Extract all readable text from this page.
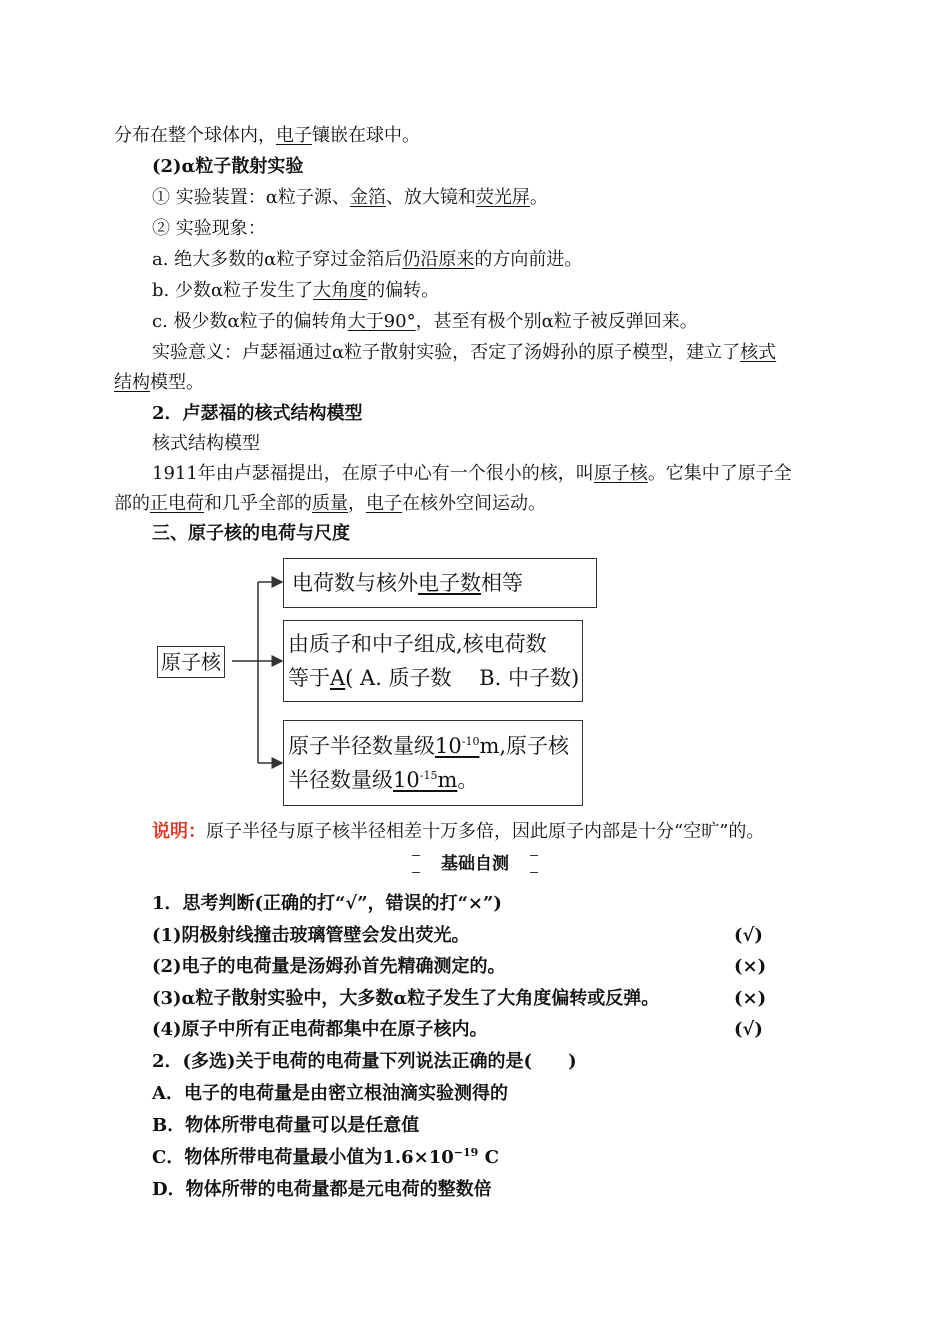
分布在整个球体内，电子镶嵌在球中。
(2)α粒子散射实验
① 实验装置：α粒子源、金箔、放大镜和荧光屏。
② 实验现象：
a. 绝大多数的α粒子穿过金箔后仍沿原来的方向前进。
b. 少数α粒子发生了大角度的偏转。
c. 极少数α粒子的偏转角大于90°，甚至有极个别α粒子被反弹回来。
实验意义：卢瑟福通过α粒子散射实验，否定了汤姆孙的原子模型，建立了核式
结构模型。
2．卢瑟福的核式结构模型
核式结构模型
1911年由卢瑟福提出，在原子中心有一个很小的核，叫原子核。它集中了原子全
部的正电荷和几乎全部的质量，电子在核外空间运动。
三、原子核的电荷与尺度
原子核
电荷数与核外电子数相等
由质子和中子组成,核电荷数
等于A( A. 质子数　 B. 中子数)
原子半径数量级$10^{-10}m$,原子核
半径数量级$10^{-15}m$。
说明：原子半径与原子核半径相差十万多倍，因此原子内部是十分“空旷”的。
基础自测
1．思考判断(正确的打“√”，错误的打“×”)
(1)阴极射线撞击玻璃管壁会发出荧光。	(√)
(2)电子的电荷量是汤姆孙首先精确测定的。	(×)
(3)α粒子散射实验中，大多数α粒子发生了大角度偏转或反弹。	(×)
(4)原子中所有正电荷都集中在原子核内。	(√)
2．(多选)关于电荷的电荷量下列说法正确的是(　　)
A．电子的电荷量是由密立根油滴实验测得的
B．物体所带电荷量可以是任意值
C．物体所带电荷量最小值为$1.6\times 10^{-19}$ C
D．物体所带的电荷量都是元电荷的整数倍
